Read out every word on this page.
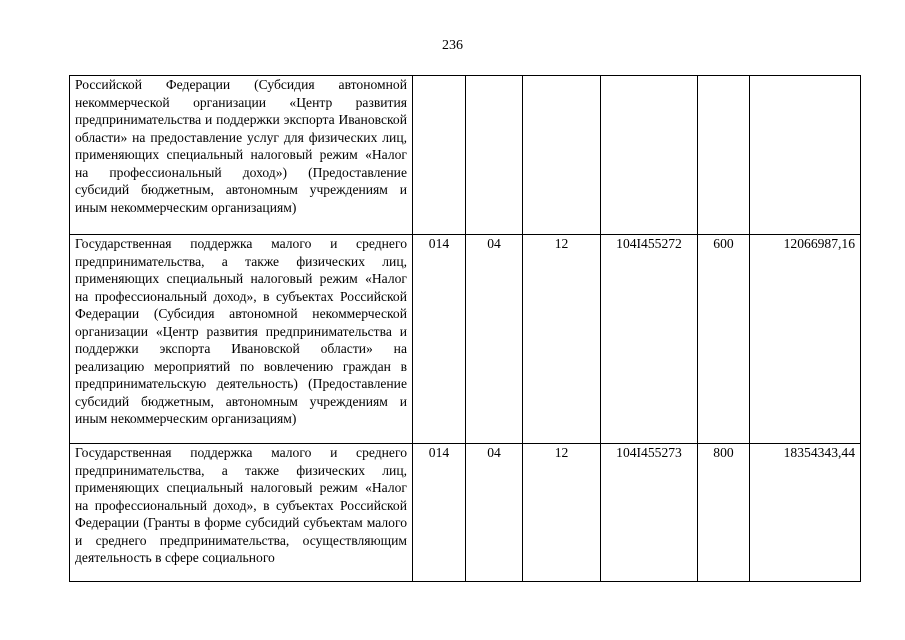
236
Российской Федерации (Субсидия автономной некоммерческой организации «Центр развития предпринимательства и поддержки экспорта Ивановской области» на предоставление услуг для физических лиц, применяющих специальный налоговый режим «Налог на профессиональный доход») (Предоставление субсидий бюджетным, автономным учреждениям и иным некоммерческим организациям)						
Государственная поддержка малого и среднего предпринимательства, а также физических лиц, применяющих специальный налоговый режим «Налог на профессиональный доход», в субъектах Российской Федерации (Субсидия автономной некоммерческой организации «Центр развития предпринимательства и поддержки экспорта Ивановской области» на реализацию мероприятий по вовлечению граждан в предпринимательскую деятельность) (Предоставление субсидий бюджетным, автономным учреждениям и иным некоммерческим организациям)	014	04	12	104I455272	600	12066987,16
Государственная поддержка малого и среднего предпринимательства, а также физических лиц, применяющих специальный налоговый режим «Налог на профессиональный доход», в субъектах Российской Федерации (Гранты в форме субсидий субъектам малого и среднего предпринимательства, осуществляющим деятельность в сфере социального	014	04	12	104I455273	800	18354343,44
